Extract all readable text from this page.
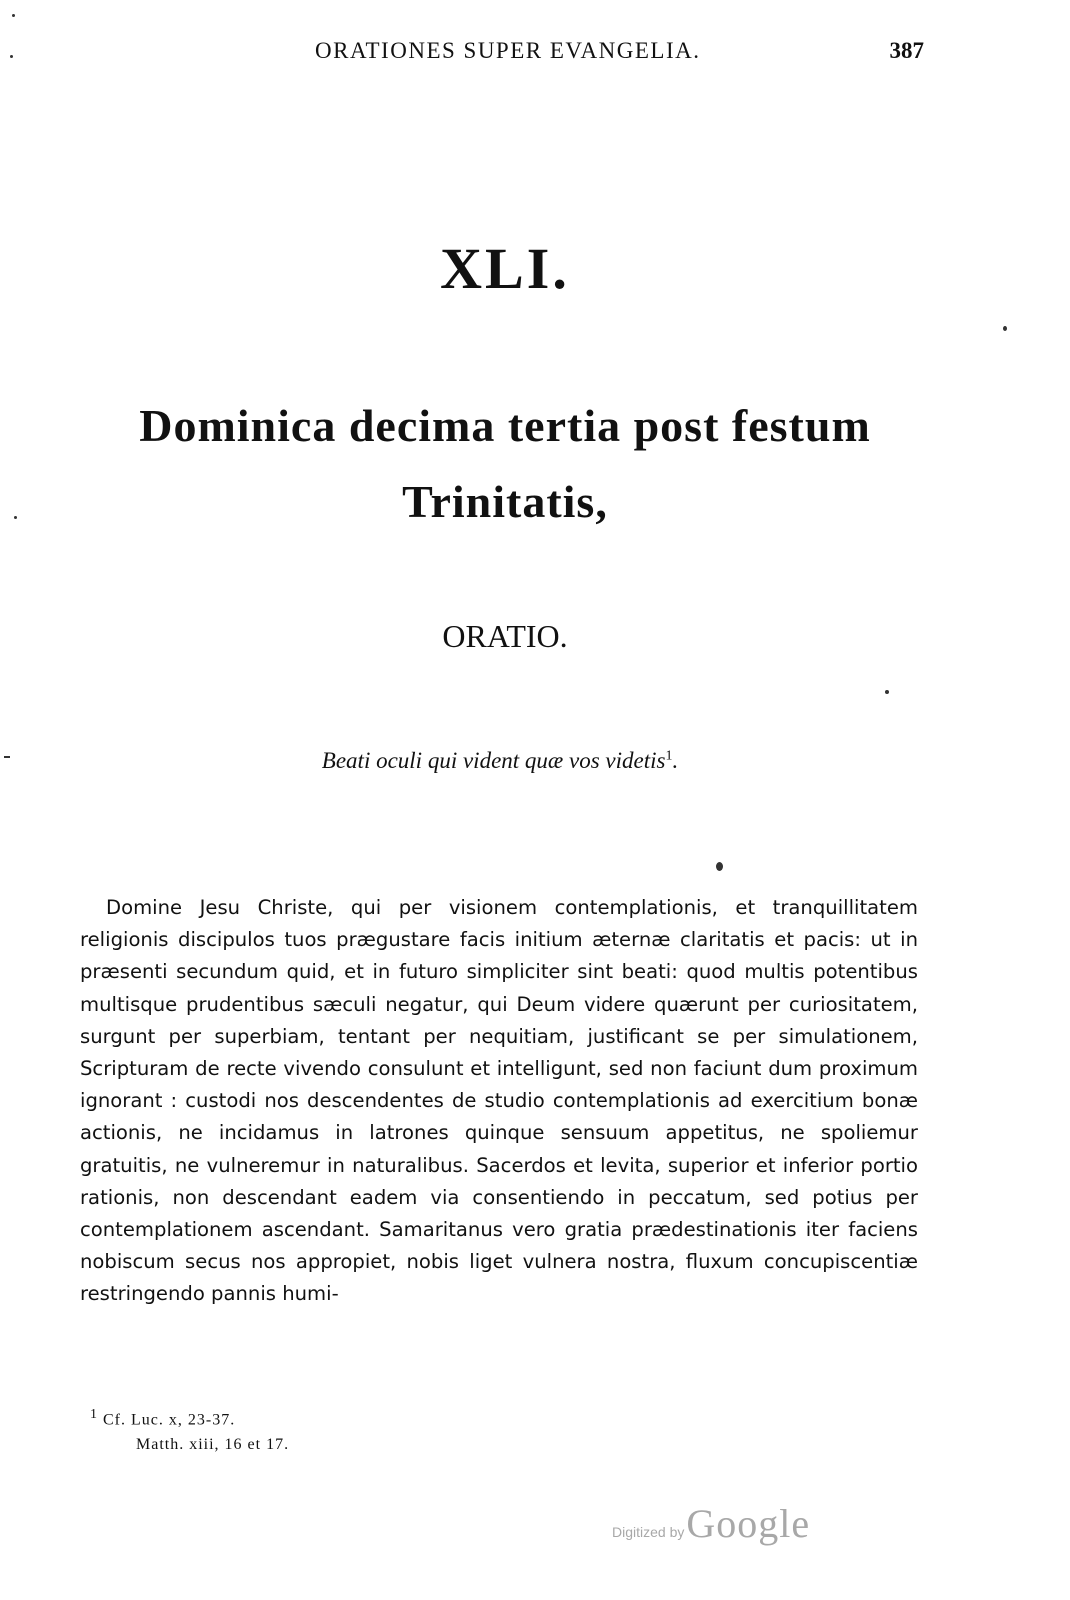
ORATIONES SUPER EVANGELIA.	387
XLI.
Dominica decima tertia post festum Trinitatis,
ORATIO.
Beati oculi qui vident quæ vos videtis$^1$.

Domine Jesu Christe, qui per visionem contemplationis, et tranquillitatem religionis discipulos tuos prægustare facis initium æternæ claritatis et pacis: ut in præsenti secundum quid, et in futuro simpliciter sint beati: quod multis potentibus multisque prudentibus sæculi negatur, qui Deum videre quærunt per curiositatem, surgunt per superbiam, tentant per nequitiam, justificant se per simulationem, Scripturam de recte vivendo consulunt et intelligunt, sed non faciunt dum proximum ignorant : custodi nos descendentes de studio contemplationis ad exercitium bonæ actionis, ne incidamus in latrones quinque sensuum appetitus, ne spoliemur gratuitis, ne vulneremur in naturalibus. Sacerdos et levita, superior et inferior portio rationis, non descendant eadem via consentiendo in peccatum, sed potius per contemplationem ascendant. Samaritanus vero gratia prædestinationis iter faciens nobiscum secus nos appropiet, nobis liget vulnera nostra, fluxum concupiscentiæ restringendo pannis humi-

$^1$ Cf. Luc. x, 23-37.
Matth. xiii, 16 et 17.
Digitized byGoogle
